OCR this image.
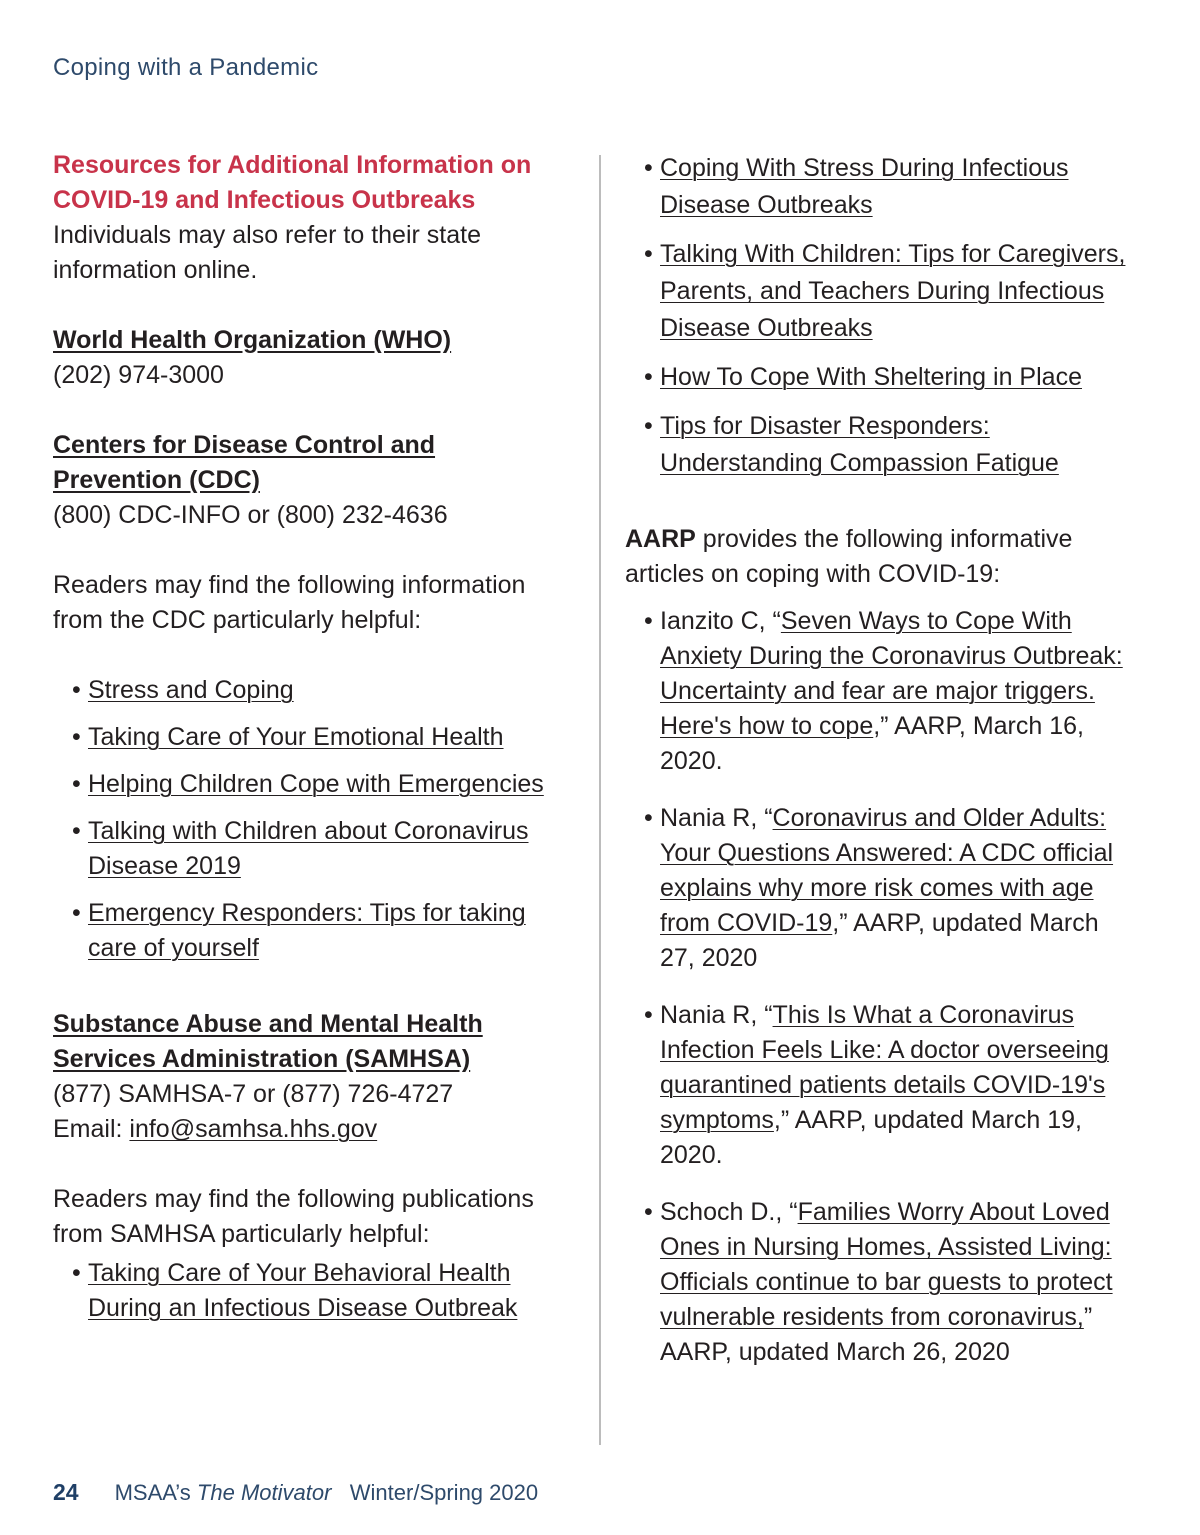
Coping with a Pandemic
Resources for Additional Information on
COVID-19 and Infectious Outbreaks

Individuals may also refer to their state information online.

World Health Organization (WHO)

(202) 974-3000

Centers for Disease Control and Prevention (CDC)

(800) CDC-INFO or (800) 232-4636

Readers may find the following information from the CDC particularly helpful:

• Stress and Coping
• Taking Care of Your Emotional Health
• Helping Children Cope with Emergencies
• Talking with Children about Coronavirus Disease 2019
• Emergency Responders: Tips for taking care of yourself

Substance Abuse and Mental Health Services Administration (SAMHSA)

(877) SAMHSA-7 or (877) 726-4727

Email: info@samhsa.hhs.gov

Readers may find the following publications from SAMHSA particularly helpful:

• Taking Care of Your Behavioral Health During an Infectious Disease Outbreak
• Coping With Stress During Infectious Disease Outbreaks
• Talking With Children: Tips for Caregivers, Parents, and Teachers During Infectious Disease Outbreaks
• How To Cope With Sheltering in Place
• Tips for Disaster Responders: Understanding Compassion Fatigue

AARP provides the following informative articles on coping with COVID-19:

• Ianzito C, “Seven Ways to Cope With Anxiety During the Coronavirus Outbreak: Uncertainty and fear are major triggers. Here's how to cope,” AARP, March 16, 2020.
• Nania R, “Coronavirus and Older Adults: Your Questions Answered: A CDC official explains why more risk comes with age from COVID-19,” AARP, updated March 27, 2020
• Nania R, “This Is What a Coronavirus Infection Feels Like: A doctor overseeing quarantined patients details COVID-19's symptoms,” AARP, updated March 19, 2020.
• Schoch D., “Families Worry About Loved Ones in Nursing Homes, Assisted Living: Officials continue to bar guests to protect vulnerable residents from coronavirus,” AARP, updated March 26, 2020
24 MSAA’s The Motivator Winter/Spring 2020
